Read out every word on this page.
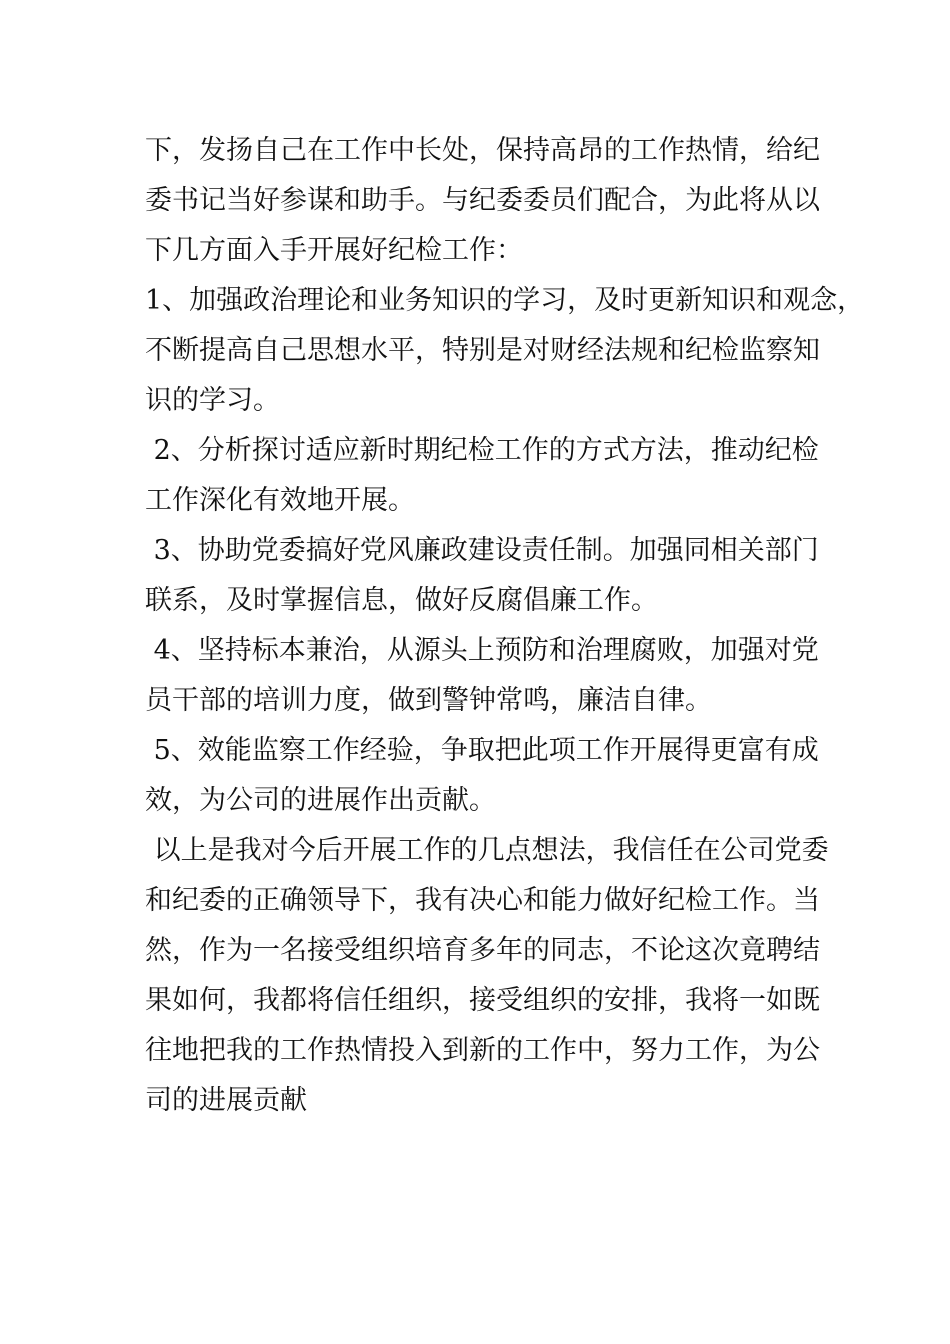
下，发扬自己在工作中长处，保持高昂的工作热情，给纪
委书记当好参谋和助手。与纪委委员们配合，为此将从以
下几方面入手开展好纪检工作：
1、加强政治理论和业务知识的学习，及时更新知识和观念，
不断提高自己思想水平，特别是对财经法规和纪检监察知
识的学习。
2、分析探讨适应新时期纪检工作的方式方法，推动纪检
工作深化有效地开展。
3、协助党委搞好党风廉政建设责任制。加强同相关部门
联系，及时掌握信息，做好反腐倡廉工作。
4、坚持标本兼治，从源头上预防和治理腐败，加强对党
员干部的培训力度，做到警钟常鸣，廉洁自律。
5、效能监察工作经验，争取把此项工作开展得更富有成
效，为公司的进展作出贡献。
以上是我对今后开展工作的几点想法，我信任在公司党委
和纪委的正确领导下，我有决心和能力做好纪检工作。当
然，作为一名接受组织培育多年的同志，不论这次竟聘结
果如何，我都将信任组织，接受组织的安排，我将一如既
往地把我的工作热情投入到新的工作中，努力工作，为公
司的进展贡献
